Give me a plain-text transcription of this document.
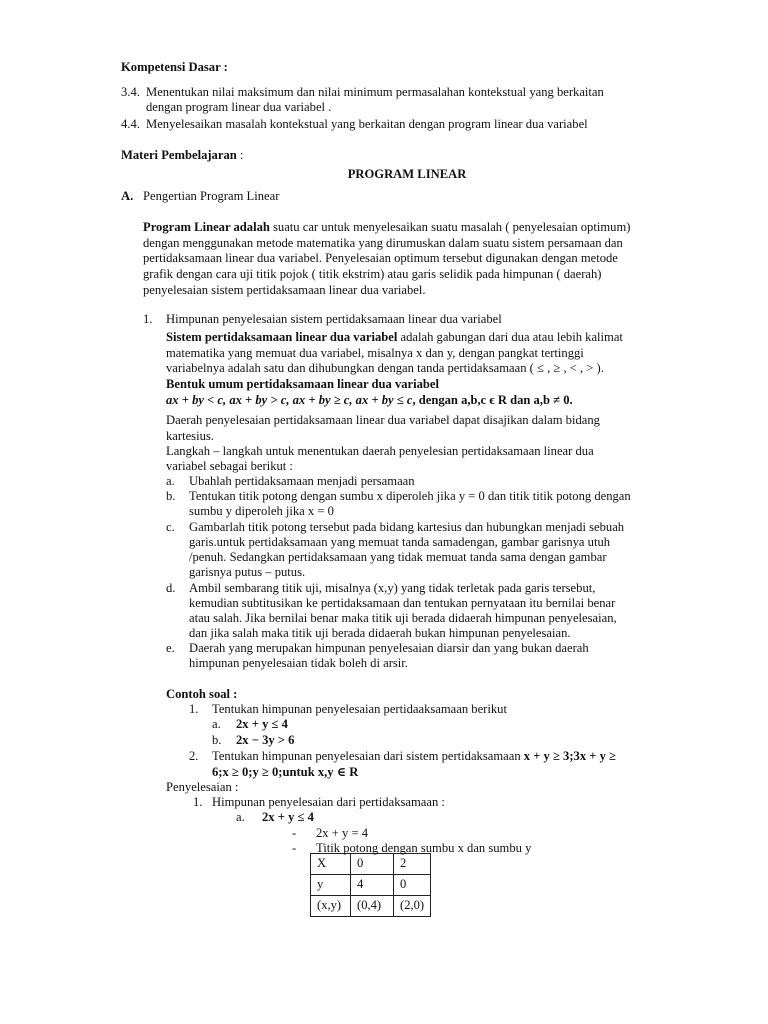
Kompetensi Dasar :
3.4. Menentukan nilai maksimum dan nilai minimum permasalahan kontekstual yang berkaitan
dengan program linear dua variabel .
4.4. Menyelesaikan masalah kontekstual yang berkaitan dengan program linear dua variabel
Materi Pembelajaran :
PROGRAM LINEAR
A. Pengertian Program Linear
Program Linear adalah suatu car untuk menyelesaikan suatu masalah ( penyelesaian optimum)
dengan menggunakan metode matematika yang dirumuskan dalam suatu sistem persamaan dan
pertidaksamaan linear dua variabel. Penyelesaian optimum tersebut digunakan dengan metode
grafik dengan cara uji titik pojok ( titik ekstrim) atau garis selidik pada himpunan ( daerah)
penyelesaian sistem pertidaksamaan linear dua variabel.
1. Himpunan penyelesaian sistem pertidaksamaan linear dua variabel
Sistem pertidaksamaan linear dua variabel adalah gabungan dari dua atau lebih kalimat
matematika yang memuat dua variabel, misalnya x dan y, dengan pangkat tertinggi
variabelnya adalah satu dan dihubungkan dengan tanda pertidaksamaan ( ≤ , ≥ , < , > ).
Bentuk umum pertidaksamaan linear dua variabel
ax + by < c, ax + by > c, ax + by ≥ c, ax + by ≤ c, dengan a,b,c ϵ R dan a,b ≠ 0.
Daerah penyelesaian pertidaksamaan linear dua variabel dapat disajikan dalam bidang
kartesius.
Langkah – langkah untuk menentukan daerah penyelesian pertidaksamaan linear dua
variabel sebagai berikut :
a. Ubahlah pertidaksamaan menjadi persamaan
b. Tentukan titik potong dengan sumbu x diperoleh jika y = 0 dan titik titik potong dengan
sumbu y diperoleh jika x = 0
c. Gambarlah titik potong tersebut pada bidang kartesius dan hubungkan menjadi sebuah
garis.untuk pertidaksamaan yang memuat tanda samadengan, gambar garisnya utuh
/penuh. Sedangkan pertidaksamaan yang tidak memuat tanda sama dengan gambar
garisnya putus – putus.
d. Ambil sembarang titik uji, misalnya (x,y) yang tidak terletak pada garis tersebut,
kemudian subtitusikan ke pertidaksamaan dan tentukan pernyataan itu bernilai benar
atau salah. Jika bernilai benar maka titik uji berada didaerah himpunan penyelesaian,
dan jika salah maka titik uji berada didaerah bukan himpunan penyelesaian.
e. Daerah yang merupakan himpunan penyelesaian diarsir dan yang bukan daerah
himpunan penyelesaian tidak boleh di arsir.
Contoh soal :
1. Tentukan himpunan penyelesaian pertidaaksamaan berikut
a. 2x + y ≤ 4
b. 2x − 3y > 6
2. Tentukan himpunan penyelesaian dari sistem pertidaksamaan x + y ≥ 3;3x + y ≥
6;x ≥ 0;y ≥ 0;untuk x,y ∈ R
Penyelesaian :
1. Himpunan penyelesaian dari pertidaksamaan :
a. 2x + y ≤ 4
- 2x + y = 4
- Titik potong dengan sumbu x dan sumbu y
X	0	2
y	4	0
(x,y)	(0,4)	(2,0)
